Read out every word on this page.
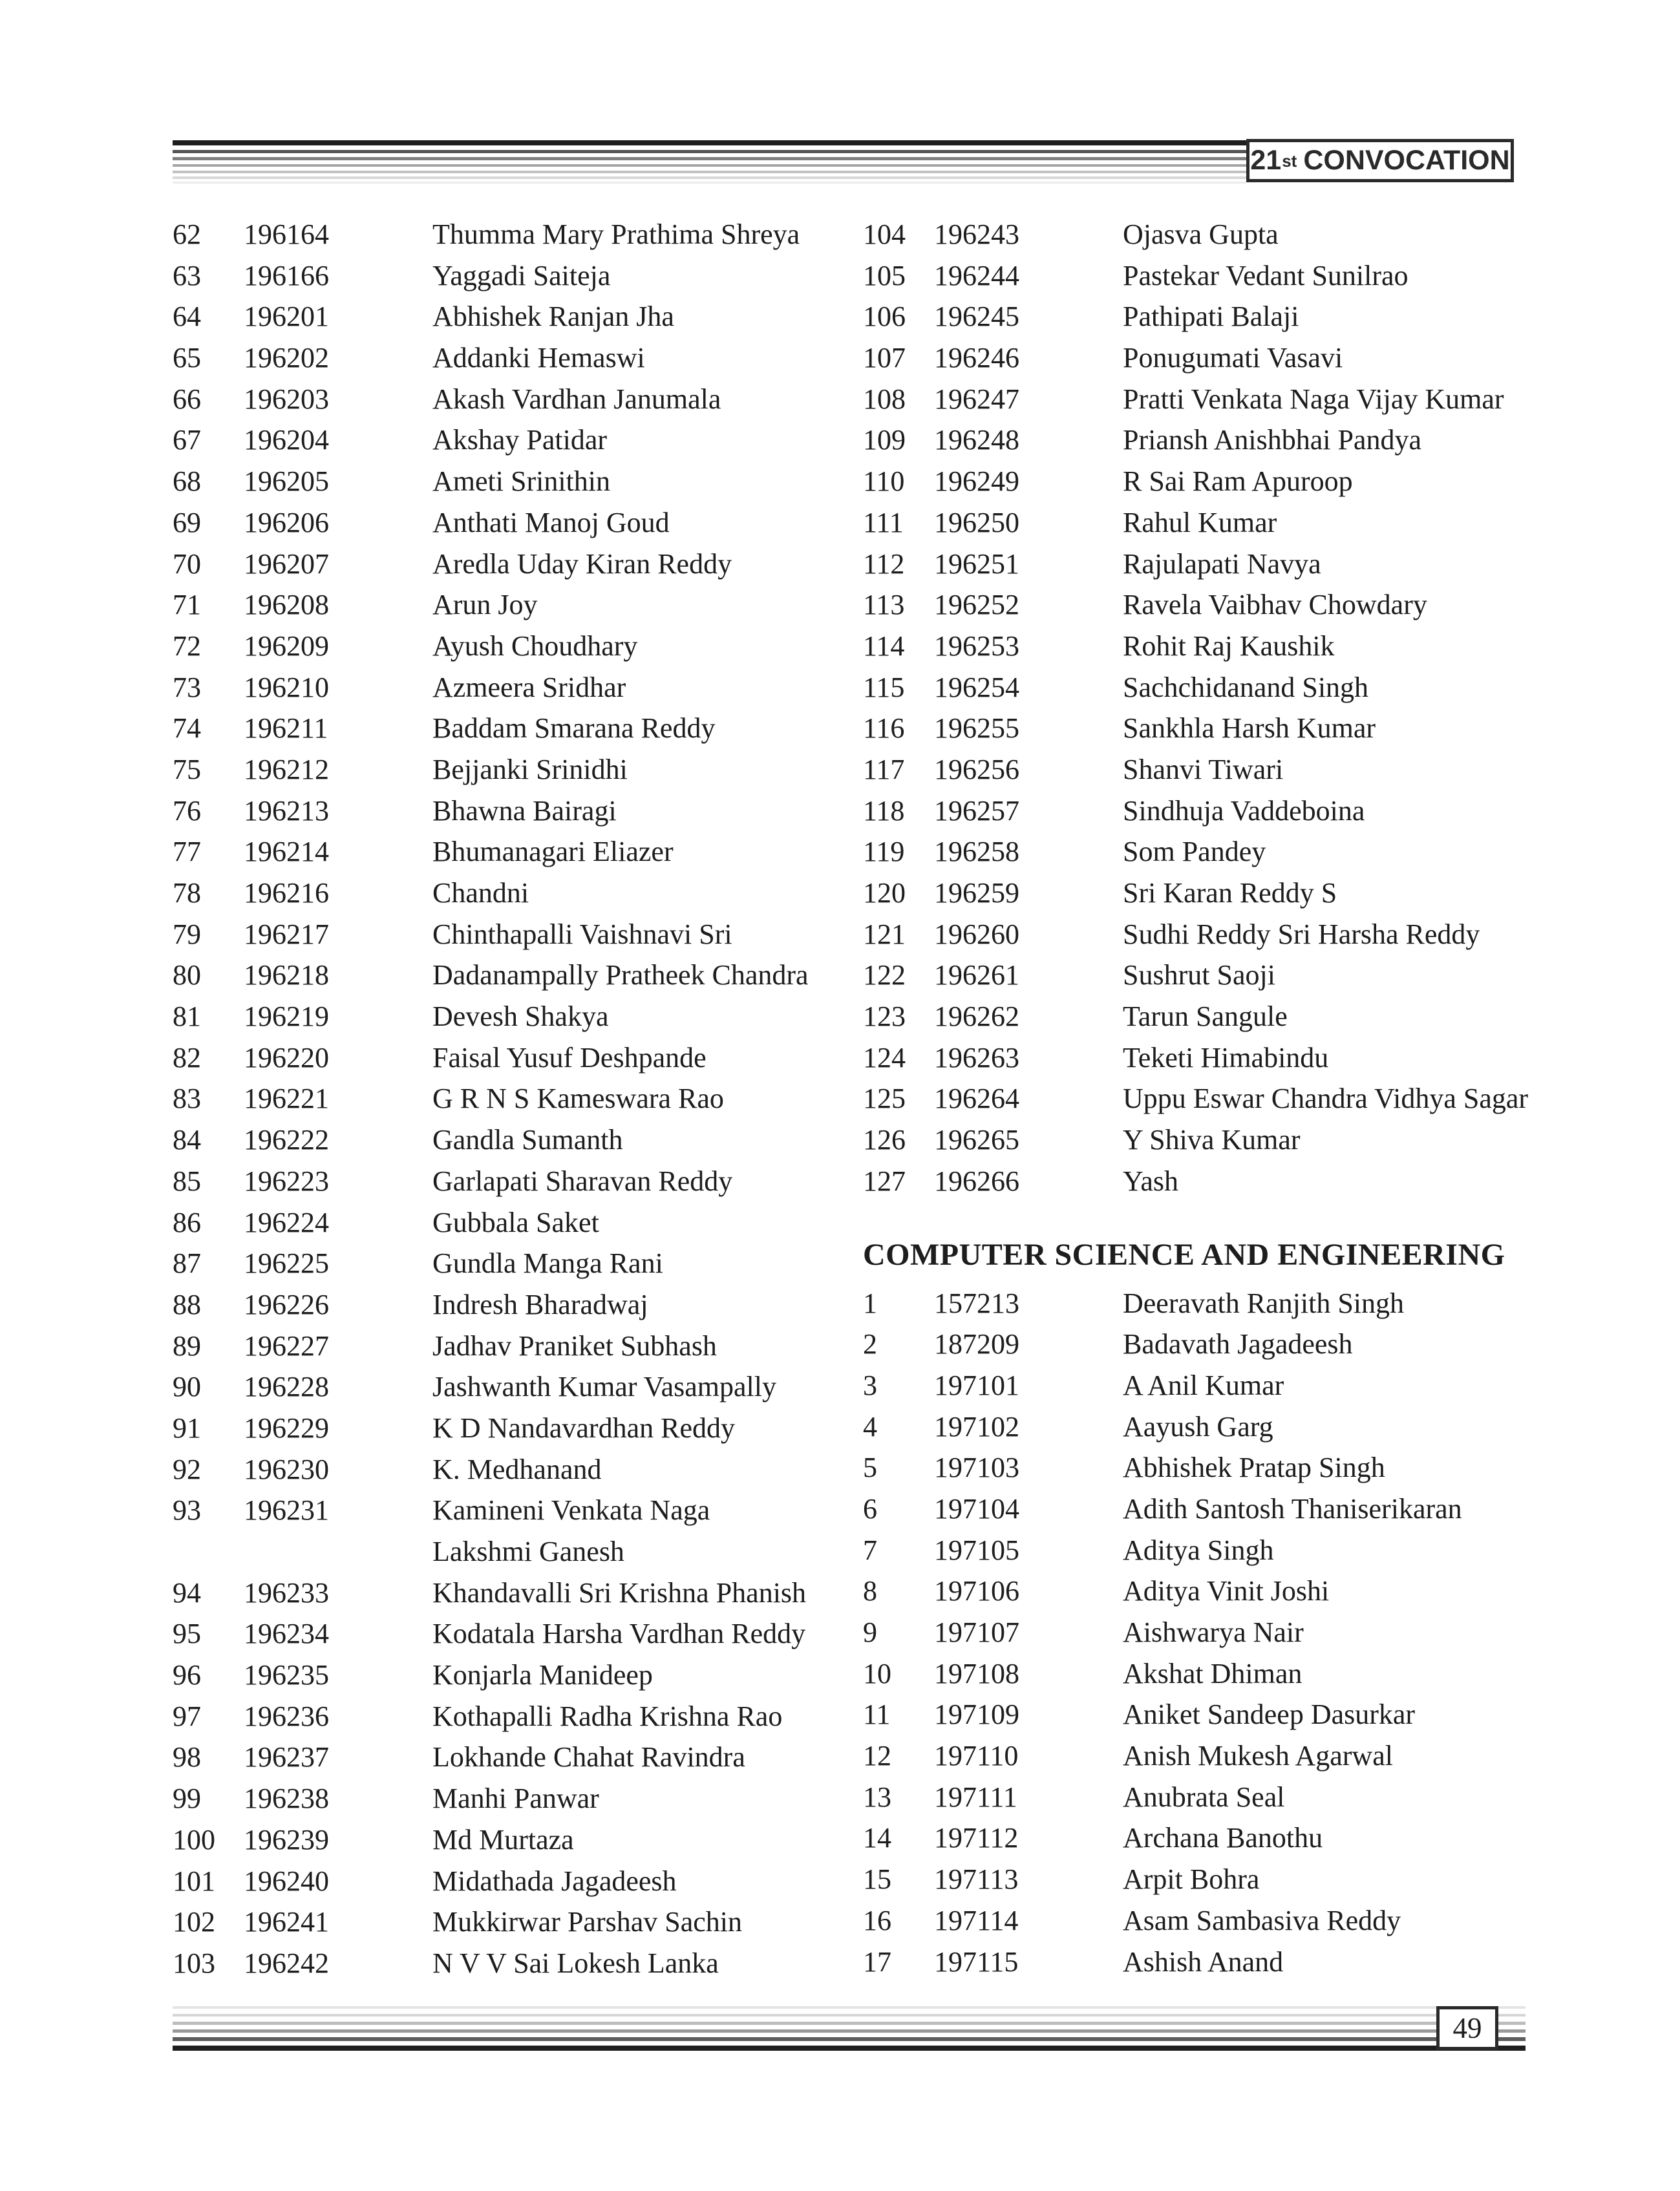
21 st CONVOCATION
62	196164	Thumma Mary Prathima Shreya
63	196166	Yaggadi Saiteja
64	196201	Abhishek Ranjan Jha
65	196202	Addanki Hemaswi
66	196203	Akash Vardhan Janumala
67	196204	Akshay Patidar
68	196205	Ameti Srinithin
69	196206	Anthati Manoj Goud
70	196207	Aredla Uday Kiran Reddy
71	196208	Arun Joy
72	196209	Ayush Choudhary
73	196210	Azmeera Sridhar
74	196211	Baddam Smarana Reddy
75	196212	Bejjanki Srinidhi
76	196213	Bhawna Bairagi
77	196214	Bhumanagari Eliazer
78	196216	Chandni
79	196217	Chinthapalli Vaishnavi Sri
80	196218	Dadanampally Pratheek Chandra
81	196219	Devesh Shakya
82	196220	Faisal Yusuf Deshpande
83	196221	G R N S Kameswara Rao
84	196222	Gandla Sumanth
85	196223	Garlapati Sharavan Reddy
86	196224	Gubbala Saket
87	196225	Gundla Manga Rani
88	196226	Indresh Bharadwaj
89	196227	Jadhav Praniket Subhash
90	196228	Jashwanth Kumar Vasampally
91	196229	K D Nandavardhan Reddy
92	196230	K. Medhanand
93	196231	Kamineni Venkata Naga
Lakshmi Ganesh
94	196233	Khandavalli Sri Krishna Phanish
95	196234	Kodatala Harsha Vardhan Reddy
96	196235	Konjarla Manideep
97	196236	Kothapalli Radha Krishna Rao
98	196237	Lokhande Chahat Ravindra
99	196238	Manhi Panwar
100	196239	Md Murtaza
101	196240	Midathada Jagadeesh
102	196241	Mukkirwar Parshav Sachin
103	196242	N V V Sai Lokesh Lanka
104	196243	Ojasva Gupta
105	196244	Pastekar Vedant Sunilrao
106	196245	Pathipati Balaji
107	196246	Ponugumati Vasavi
108	196247	Pratti Venkata Naga Vijay Kumar
109	196248	Priansh Anishbhai Pandya
110	196249	R Sai Ram Apuroop
111	196250	Rahul Kumar
112	196251	Rajulapati Navya
113	196252	Ravela Vaibhav Chowdary
114	196253	Rohit Raj Kaushik
115	196254	Sachchidanand Singh
116	196255	Sankhla Harsh Kumar
117	196256	Shanvi Tiwari
118	196257	Sindhuja Vaddeboina
119	196258	Som Pandey
120	196259	Sri Karan Reddy S
121	196260	Sudhi Reddy Sri Harsha Reddy
122	196261	Sushrut Saoji
123	196262	Tarun Sangule
124	196263	Teketi Himabindu
125	196264	Uppu Eswar Chandra Vidhya Sagar
126	196265	Y Shiva Kumar
127	196266	Yash
COMPUTER SCIENCE AND ENGINEERING
1	157213	Deeravath Ranjith Singh
2	187209	Badavath Jagadeesh
3	197101	A Anil Kumar
4	197102	Aayush Garg
5	197103	Abhishek Pratap Singh
6	197104	Adith Santosh Thaniserikaran
7	197105	Aditya Singh
8	197106	Aditya Vinit Joshi
9	197107	Aishwarya Nair
10	197108	Akshat Dhiman
11	197109	Aniket Sandeep Dasurkar
12	197110	Anish Mukesh Agarwal
13	197111	Anubrata Seal
14	197112	Archana Banothu
15	197113	Arpit Bohra
16	197114	Asam Sambasiva Reddy
17	197115	Ashish Anand
49
